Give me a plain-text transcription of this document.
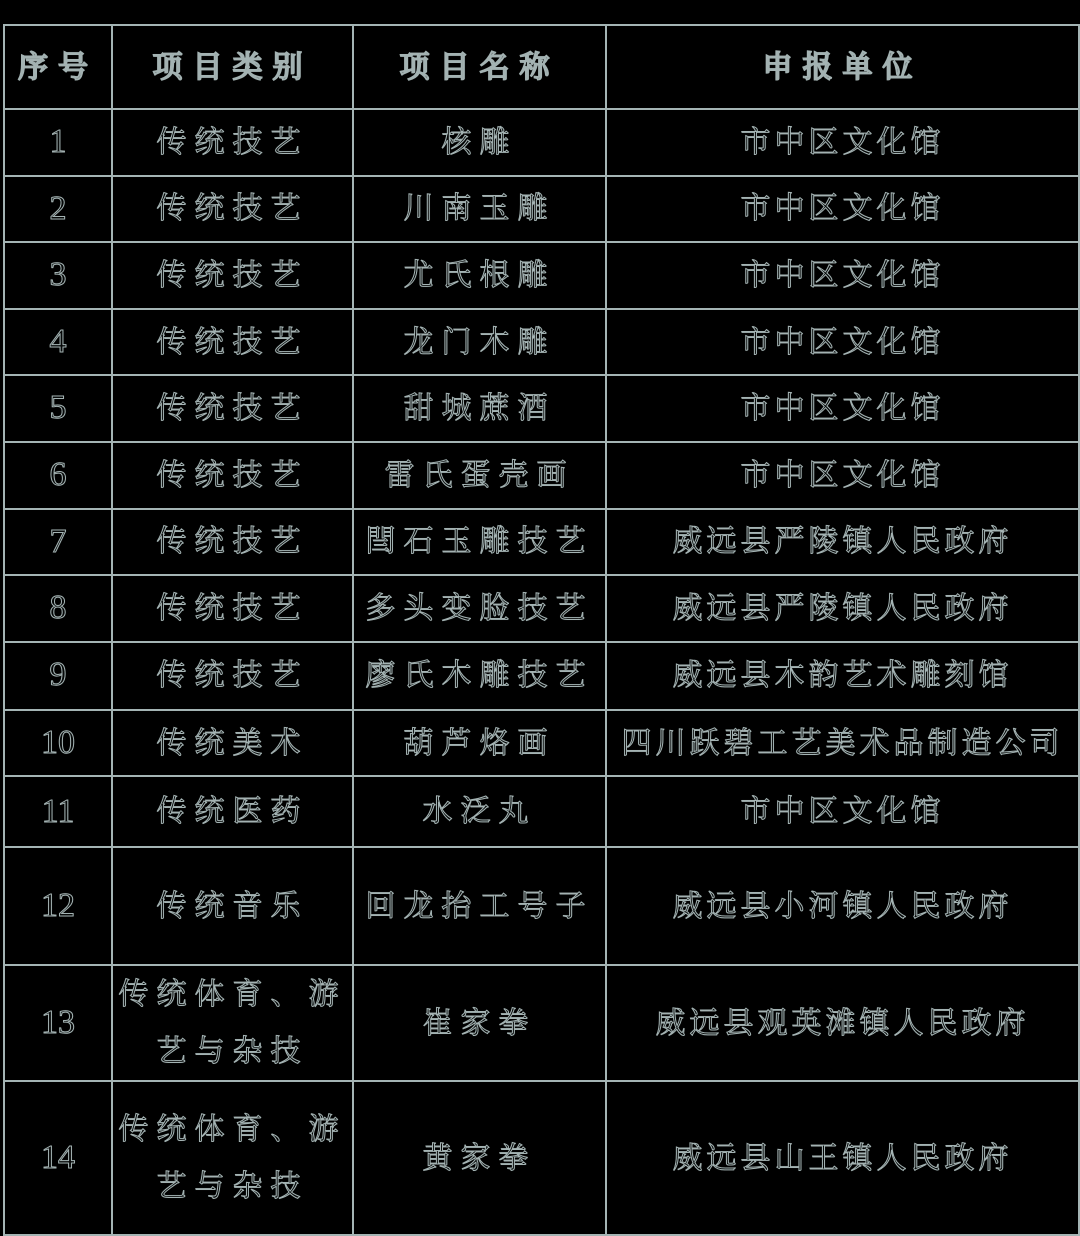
序号	项目类别	项目名称	申报单位
1	传统技艺	核雕	市中区文化馆
2	传统技艺	川南玉雕	市中区文化馆
3	传统技艺	尤氏根雕	市中区文化馆
4	传统技艺	龙门木雕	市中区文化馆
5	传统技艺	甜城蔗酒	市中区文化馆
6	传统技艺	雷氏蛋壳画	市中区文化馆
7	传统技艺	閆石玉雕技艺	威远县严陵镇人民政府
8	传统技艺	多头变脸技艺	威远县严陵镇人民政府
9	传统技艺	廖氏木雕技艺	威远县木韵艺术雕刻馆
10	传统美术	葫芦烙画	四川跃碧工艺美术品制造公司
11	传统医药	水泛丸	市中区文化馆
12	传统音乐	回龙抬工号子	威远县小河镇人民政府
13	传统体育、游艺与杂技	崔家拳	威远县观英滩镇人民政府
14	传统体育、游艺与杂技	黄家拳	威远县山王镇人民政府
